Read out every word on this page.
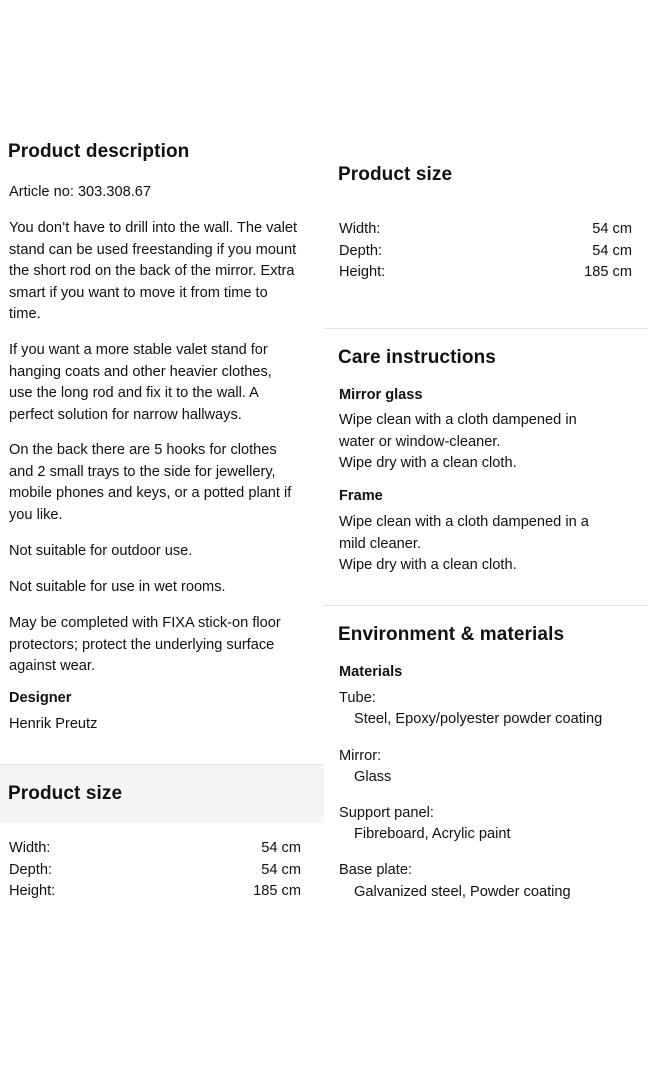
Product description
Article no: 303.308.67

You don’t have to drill into the wall. The valet stand can be used freestanding if you mount the short rod on the back of the mirror. Extra smart if you want to move it from time to time.

If you want a more stable valet stand for hanging coats and other heavier clothes, use the long rod and fix it to the wall. A perfect solution for narrow hallways.

On the back there are 5 hooks for clothes and 2 small trays to the side for jewellery, mobile phones and keys, or a potted plant if you like.

Not suitable for outdoor use.

Not suitable for use in wet rooms.

May be completed with FIXA stick-on floor protectors; protect the underlying surface against wear.

Designer
Henrik Preutz
Product size
Width:	54 cm
Depth:	54 cm
Height:	185 cm
Product size
Width:	54 cm
Depth:	54 cm
Height:	185 cm
Care instructions
Mirror glass
Wipe clean with a cloth dampened in
water or window-cleaner.
Wipe dry with a clean cloth.
Frame
Wipe clean with a cloth dampened in a
mild cleaner.
Wipe dry with a clean cloth.
Environment & materials
Materials
Tube:
Steel, Epoxy/polyester powder coating
Mirror:
Glass
Support panel:
Fibreboard, Acrylic paint
Base plate:
Galvanized steel, Powder coating
